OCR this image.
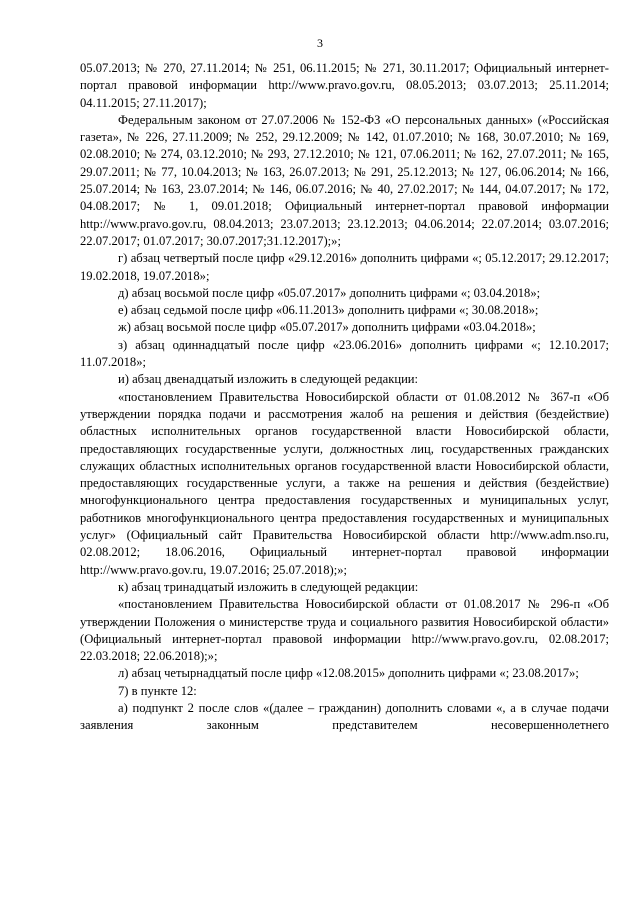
3

05.07.2013; № 270, 27.11.2014; № 251, 06.11.2015; № 271, 30.11.2017; Официальный интернет-портал правовой информации http://www.pravo.gov.ru, 08.05.2013; 03.07.2013; 25.11.2014; 04.11.2015; 27.11.2017);

Федеральным законом от 27.07.2006 № 152-ФЗ «О персональных данных» («Российская газета», № 226, 27.11.2009; № 252, 29.12.2009; № 142, 01.07.2010; № 168, 30.07.2010; № 169, 02.08.2010; № 274, 03.12.2010; № 293, 27.12.2010; № 121, 07.06.2011; № 162, 27.07.2011; № 165, 29.07.2011; № 77, 10.04.2013; № 163, 26.07.2013; № 291, 25.12.2013; № 127, 06.06.2014; № 166, 25.07.2014; № 163, 23.07.2014; № 146, 06.07.2016; № 40, 27.02.2017; № 144, 04.07.2017; № 172, 04.08.2017; № 1, 09.01.2018; Официальный интернет-портал правовой информации http://www.pravo.gov.ru, 08.04.2013; 23.07.2013; 23.12.2013; 04.06.2014; 22.07.2014; 03.07.2016; 22.07.2017; 01.07.2017; 30.07.2017;31.12.2017);»;

г) абзац четвертый после цифр «29.12.2016» дополнить цифрами «; 05.12.2017; 29.12.2017; 19.02.2018, 19.07.2018»;

д) абзац восьмой после цифр «05.07.2017» дополнить цифрами «; 03.04.2018»;

е) абзац седьмой после цифр «06.11.2013» дополнить цифрами «; 30.08.2018»;

ж) абзац восьмой после цифр «05.07.2017» дополнить цифрами «03.04.2018»;

з) абзац одиннадцатый после цифр «23.06.2016» дополнить цифрами «; 12.10.2017; 11.07.2018»;

и) абзац двенадцатый изложить в следующей редакции:

«постановлением Правительства Новосибирской области от 01.08.2012 № 367-п «Об утверждении порядка подачи и рассмотрения жалоб на решения и действия (бездействие) областных исполнительных органов государственной власти Новосибирской области, предоставляющих государственные услуги, должностных лиц, государственных гражданских служащих областных исполнительных органов государственной власти Новосибирской области, предоставляющих государственные услуги, а также на решения и действия (бездействие) многофункционального центра предоставления государственных и муниципальных услуг, работников многофункционального центра предоставления государственных и муниципальных услуг» (Официальный сайт Правительства Новосибирской области http://www.adm.nso.ru, 02.08.2012; 18.06.2016, Официальный интернет-портал правовой информации http://www.pravo.gov.ru, 19.07.2016; 25.07.2018);»;

к) абзац тринадцатый изложить в следующей редакции:

«постановлением Правительства Новосибирской области от 01.08.2017 № 296-п «Об утверждении Положения о министерстве труда и социального развития Новосибирской области» (Официальный интернет-портал правовой информации http://www.pravo.gov.ru, 02.08.2017; 22.03.2018; 22.06.2018);»;

л) абзац четырнадцатый после цифр «12.08.2015» дополнить цифрами «; 23.08.2017»;

7) в пункте 12:

а) подпункт 2 после слов «(далее – гражданин) дополнить словами «, а в случае подачи заявления законным представителем несовершеннолетнего
